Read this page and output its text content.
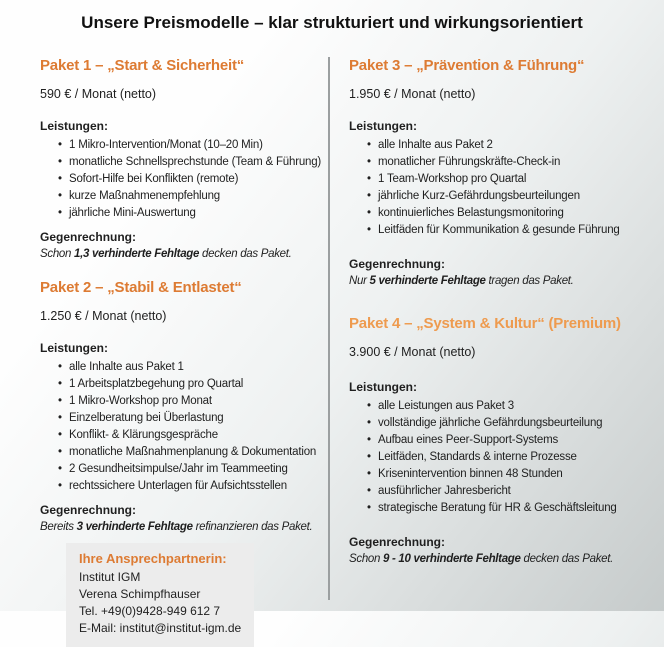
Unsere Preismodelle – klar strukturiert und wirkungsorientiert
Paket 1 – „Start & Sicherheit“

590 € / Monat (netto)

Leistungen:

• 1 Mikro-Intervention/Monat (10–20 Min)
• monatliche Schnellsprechstunde (Team & Führung)
• Sofort-Hilfe bei Konflikten (remote)
• kurze Maßnahmenempfehlung
• jährliche Mini-Auswertung

Gegenrechnung:

Schon 1,3 verhinderte Fehltage decken das Paket.

Paket 2 – „Stabil & Entlastet“

1.250 € / Monat (netto)

Leistungen:

• alle Inhalte aus Paket 1
• 1 Arbeitsplatzbegehung pro Quartal
• 1 Mikro-Workshop pro Monat
• Einzelberatung bei Überlastung
• Konflikt- & Klärungsgespräche
• monatliche Maßnahmenplanung & Dokumentation
• 2 Gesundheitsimpulse/Jahr im Teammeeting
• rechtssichere Unterlagen für Aufsichtsstellen

Gegenrechnung:

Bereits 3 verhinderte Fehltage refinanzieren das Paket.

Ihre Ansprechpartnerin:

Institut IGM

Verena Schimpfhauser

Tel. +49(0)9428-949 612 7

E-Mail: institut@institut-igm.de

Paket 3 – „Prävention & Führung“

1.950 € / Monat (netto)

Leistungen:

• alle Inhalte aus Paket 2
• monatlicher Führungskräfte-Check-in
• 1 Team-Workshop pro Quartal
• jährliche Kurz-Gefährdungsbeurteilungen
• kontinuierliches Belastungsmonitoring
• Leitfäden für Kommunikation & gesunde Führung

Gegenrechnung:

Nur 5 verhinderte Fehltage tragen das Paket.

Paket 4 – „System & Kultur“ (Premium)

3.900 € / Monat (netto)

Leistungen:

• alle Leistungen aus Paket 3
• vollständige jährliche Gefährdungsbeurteilung
• Aufbau eines Peer-Support-Systems
• Leitfäden, Standards & interne Prozesse
• Krisenintervention binnen 48 Stunden
• ausführlicher Jahresbericht
• strategische Beratung für HR & Geschäftsleitung

Gegenrechnung:

Schon 9 - 10 verhinderte Fehltage decken das Paket.
